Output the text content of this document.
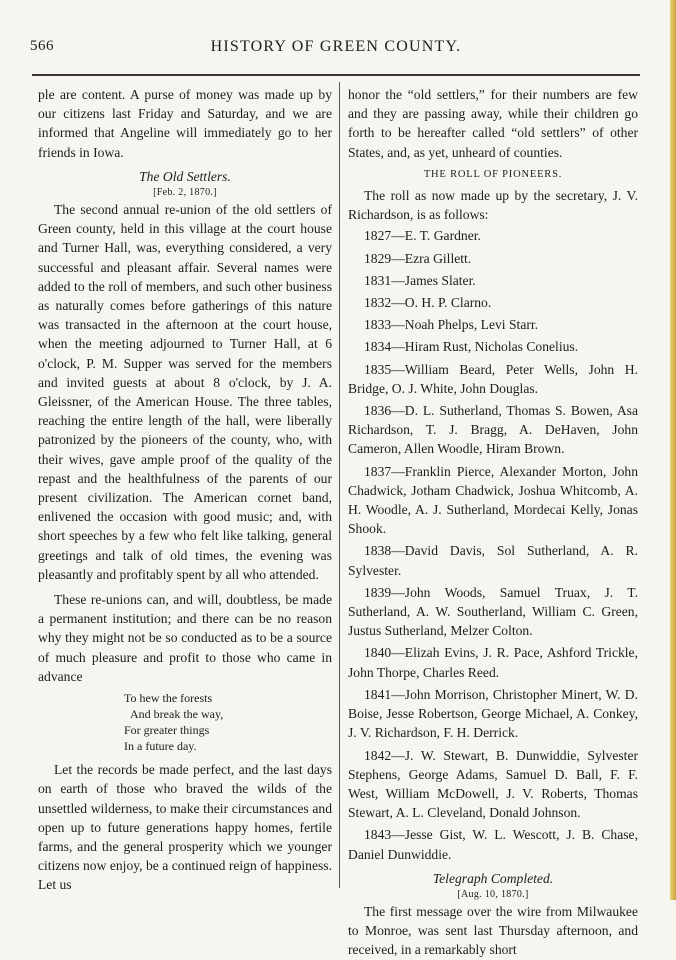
566	HISTORY OF GREEN COUNTY.

ple are content. A purse of money was made up by our citizens last Friday and Saturday, and we are informed that Angeline will immediately go to her friends in Iowa.

The Old Settlers.

[Feb. 2, 1870.]

The second annual re-union of the old settlers of Green county, held in this village at the court house and Turner Hall, was, everything considered, a very successful and pleasant affair. Several names were added to the roll of members, and such other business as naturally comes before gatherings of this nature was transacted in the afternoon at the court house, when the meeting adjourned to Turner Hall, at 6 o'clock, P. M. Supper was served for the members and invited guests at about 8 o'clock, by J. A. Gleissner, of the American House. The three tables, reaching the entire length of the hall, were liberally patronized by the pioneers of the county, who, with their wives, gave ample proof of the quality of the repast and the healthfulness of the parents of our present civilization. The American cornet band, enlivened the occasion with good music; and, with short speeches by a few who felt like talking, general greetings and talk of old times, the evening was pleasantly and profitably spent by all who attended.

These re-unions can, and will, doubtless, be made a permanent institution; and there can be no reason why they might not be so conducted as to be a source of much pleasure and profit to those who came in advance

To hew the forests
And break the way,
For greater things
In a future day.

Let the records be made perfect, and the last days on earth of those who braved the wilds of the unsettled wilderness, to make their circumstances and open up to future generations happy homes, fertile farms, and the general prosperity which we younger citizens now enjoy, be a continued reign of happiness. Let us

honor the “old settlers,” for their numbers are few and they are passing away, while their children go forth to be hereafter called “old settlers” of other States, and, as yet, unheard of counties.

THE ROLL OF PIONEERS.

The roll as now made up by the secretary, J. V. Richardson, is as follows:

1827—E. T. Gardner.

1829—Ezra Gillett.

1831—James Slater.

1832—O. H. P. Clarno.

1833—Noah Phelps, Levi Starr.

1834—Hiram Rust, Nicholas Conelius.

1835—William Beard, Peter Wells, John H. Bridge, O. J. White, John Douglas.

1836—D. L. Sutherland, Thomas S. Bowen, Asa Richardson, T. J. Bragg, A. DeHaven, John Cameron, Allen Woodle, Hiram Brown.

1837—Franklin Pierce, Alexander Morton, John Chadwick, Jotham Chadwick, Joshua Whitcomb, A. H. Woodle, A. J. Sutherland, Mordecai Kelly, Jonas Shook.

1838—David Davis, Sol Sutherland, A. R. Sylvester.

1839—John Woods, Samuel Truax, J. T. Sutherland, A. W. Southerland, William C. Green, Justus Sutherland, Melzer Colton.

1840—Elizah Evins, J. R. Pace, Ashford Trickle, John Thorpe, Charles Reed.

1841—John Morrison, Christopher Minert, W. D. Boise, Jesse Robertson, George Michael, A. Conkey, J. V. Richardson, F. H. Derrick.

1842—J. W. Stewart, B. Dunwiddie, Sylvester Stephens, George Adams, Samuel D. Ball, F. F. West, William McDowell, J. V. Roberts, Thomas Stewart, A. L. Cleveland, Donald Johnson.

1843—Jesse Gist, W. L. Wescott, J. B. Chase, Daniel Dunwiddie.

Telegraph Completed.

[Aug. 10, 1870.]

The first message over the wire from Milwaukee to Monroe, was sent last Thursday afternoon, and received, in a remarkably short
